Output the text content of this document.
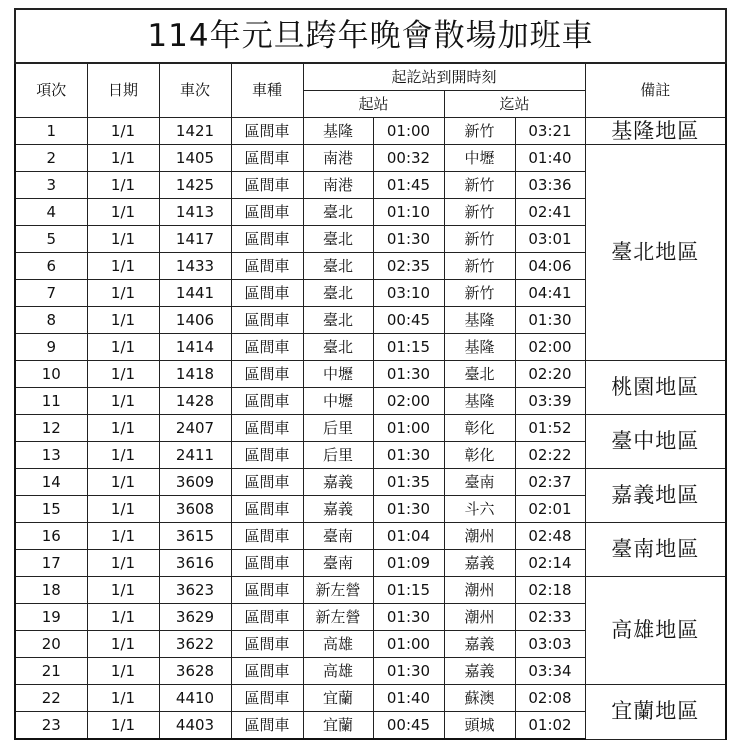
114年元旦跨年晚會散場加班車								
項次	日期	車次	車種	起訖站到開時刻				備註
				起站		迄站		
1	1/1	1421	區間車	基隆	01:00	新竹	03:21	基隆地區
2	1/1	1405	區間車	南港	00:32	中壢	01:40	臺北地區
3	1/1	1425	區間車	南港	01:45	新竹	03:36	
4	1/1	1413	區間車	臺北	01:10	新竹	02:41	
5	1/1	1417	區間車	臺北	01:30	新竹	03:01	
6	1/1	1433	區間車	臺北	02:35	新竹	04:06	
7	1/1	1441	區間車	臺北	03:10	新竹	04:41	
8	1/1	1406	區間車	臺北	00:45	基隆	01:30	
9	1/1	1414	區間車	臺北	01:15	基隆	02:00	
10	1/1	1418	區間車	中壢	01:30	臺北	02:20	桃園地區
11	1/1	1428	區間車	中壢	02:00	基隆	03:39	
12	1/1	2407	區間車	后里	01:00	彰化	01:52	臺中地區
13	1/1	2411	區間車	后里	01:30	彰化	02:22	
14	1/1	3609	區間車	嘉義	01:35	臺南	02:37	嘉義地區
15	1/1	3608	區間車	嘉義	01:30	斗六	02:01	
16	1/1	3615	區間車	臺南	01:04	潮州	02:48	臺南地區
17	1/1	3616	區間車	臺南	01:09	嘉義	02:14	
18	1/1	3623	區間車	新左營	01:15	潮州	02:18	高雄地區
19	1/1	3629	區間車	新左營	01:30	潮州	02:33	
20	1/1	3622	區間車	高雄	01:00	嘉義	03:03	
21	1/1	3628	區間車	高雄	01:30	嘉義	03:34	
22	1/1	4410	區間車	宜蘭	01:40	蘇澳	02:08	宜蘭地區
23	1/1	4403	區間車	宜蘭	00:45	頭城	01:02	
